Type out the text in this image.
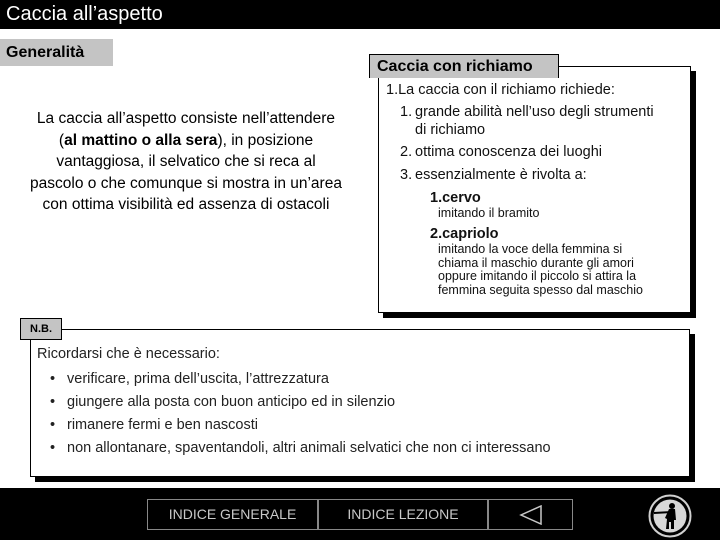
Caccia all’aspetto
Generalità

La caccia all’aspetto consiste nell’attendere (al mattino o alla sera), in posizione vantaggiosa, il selvatico che si reca al pascolo o che comunque si mostra in un’area con ottima visibilità ed assenza di ostacoli

1.La caccia con il richiamo richiede:
1. grande abilità nell’uso degli strumenti
di richiamo
2. ottima conoscenza dei luoghi
3. essenzialmente è rivolta a:
1.cervo
imitando il bramito
2.capriolo
imitando la voce della femmina si
chiama il maschio durante gli amori
oppure imitando il piccolo si attira la
femmina seguita spesso dal maschio
Caccia con richiamo
N.B.
Ricordarsi che è necessario:
• verificare, prima dell’uscita, l’attrezzatura
• giungere alla posta con buon anticipo ed in silenzio
• rimanere fermi e ben nascosti
• non allontanare, spaventandoli, altri animali selvatici che non ci interessano
INDICE GENERALE	INDICE LEZIONE
